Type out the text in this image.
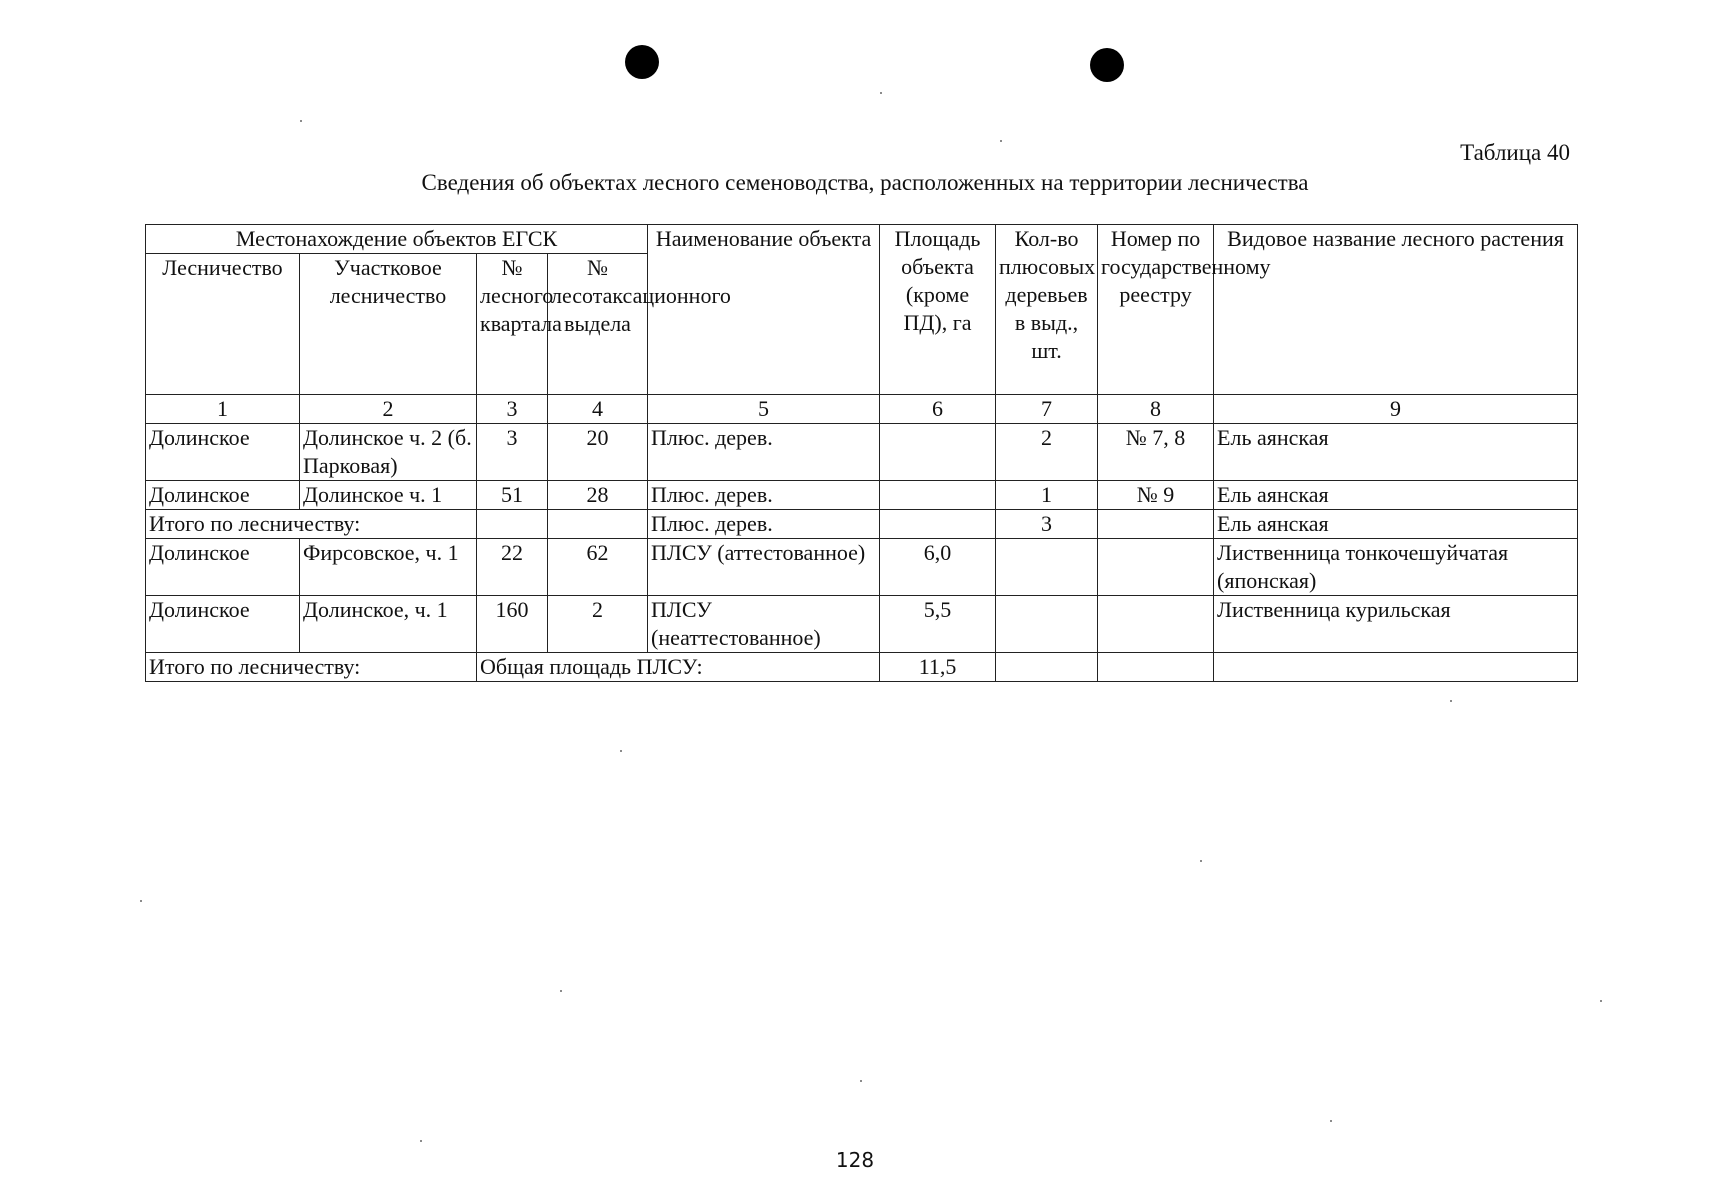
Таблица 40
Сведения об объектах лесного семеноводства, расположенных на территории лесничества
Местонахождение объектов ЕГСК				Наименование объекта	Площадь объекта (кроме ПД), га	Кол-во плюсовых деревьев в выд., шт.	Номер по государственному реестру	Видовое название лесного растения
Лесничество	Участковое лесничество	№ лесного квартала	№ лесотаксационного выдела					
1	2	3	4	5	6	7	8	9
Долинское	Долинское ч. 2 (б. Парковая)	3	20	Плюс. дерев.		2	№ 7, 8	Ель аянская
Долинское	Долинское ч. 1	51	28	Плюс. дерев.		1	№ 9	Ель аянская
Итого по лесничеству:				Плюс. дерев.		3		Ель аянская
Долинское	Фирсовское, ч. 1	22	62	ПЛСУ (аттестованное)	6,0			Лиственница тонкочешуйчатая (японская)
Долинское	Долинское, ч. 1	160	2	ПЛСУ (неаттестованное)	5,5			Лиственница курильская
Итого по лесничеству:		Общая площадь ПЛСУ:			11,5			
128
